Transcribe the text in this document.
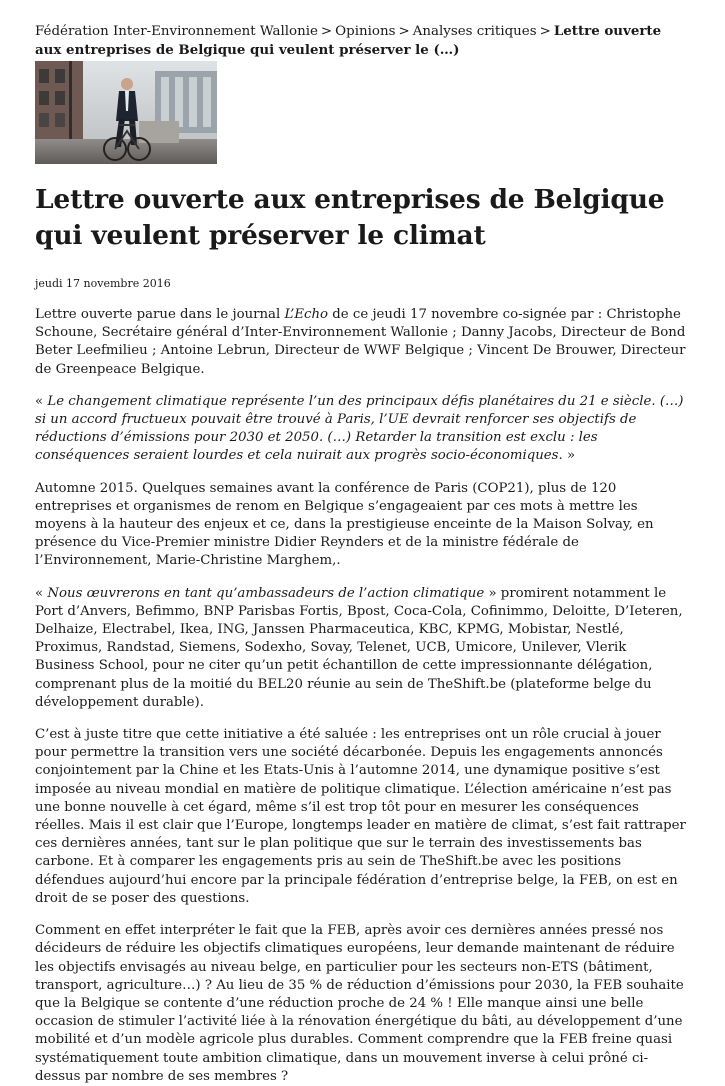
Fédération Inter-Environnement Wallonie > Opinions > Analyses critiques > Lettre ouverte aux entreprises de Belgique qui veulent préserver le (…)
Lettre ouverte aux entreprises de Belgique qui veulent préserver le climat

jeudi 17 novembre 2016

Lettre ouverte parue dans le journal L’Echo de ce jeudi 17 novembre co-signée par : Christophe Schoune, Secrétaire général d’Inter-Environnement Wallonie ; Danny Jacobs, Directeur de Bond Beter Leefmilieu ; Antoine Lebrun, Directeur de WWF Belgique ; Vincent De Brouwer, Directeur de Greenpeace Belgique.

« Le changement climatique représente l’un des principaux défis planétaires du 21 e siècle. (…) si un accord fructueux pouvait être trouvé à Paris, l’UE devrait renforcer ses objectifs de réductions d’émissions pour 2030 et 2050. (…) Retarder la transition est exclu : les conséquences seraient lourdes et cela nuirait aux progrès socio-économiques. »

Automne 2015. Quelques semaines avant la conférence de Paris (COP21), plus de 120 entreprises et organismes de renom en Belgique s’engageaient par ces mots à mettre les moyens à la hauteur des enjeux et ce, dans la prestigieuse enceinte de la Maison Solvay, en présence du Vice-Premier ministre Didier Reynders et de la ministre fédérale de l’Environnement, Marie-Christine Marghem,.

« Nous œuvrerons en tant qu’ambassadeurs de l’action climatique » promirent notamment le Port d’Anvers, Befimmo, BNP Parisbas Fortis, Bpost, Coca-Cola, Cofinimmo, Deloitte, D’Ieteren, Delhaize, Electrabel, Ikea, ING, Janssen Pharmaceutica, KBC, KPMG, Mobistar, Nestlé, Proximus, Randstad, Siemens, Sodexho, Sovay, Telenet, UCB, Umicore, Unilever, Vlerik Business School, pour ne citer qu’un petit échantillon de cette impressionnante délégation, comprenant plus de la moitié du BEL20 réunie au sein de TheShift.be (plateforme belge du développement durable).

C’est à juste titre que cette initiative a été saluée : les entreprises ont un rôle crucial à jouer pour permettre la transition vers une société décarbonée. Depuis les engagements annoncés conjointement par la Chine et les Etats-Unis à l’automne 2014, une dynamique positive s’est imposée au niveau mondial en matière de politique climatique. L’élection américaine n’est pas une bonne nouvelle à cet égard, même s’il est trop tôt pour en mesurer les conséquences réelles. Mais il est clair que l’Europe, longtemps leader en matière de climat, s’est fait rattraper ces dernières années, tant sur le plan politique que sur le terrain des investissements bas carbone. Et à comparer les engagements pris au sein de TheShift.be avec les positions défendues aujourd’hui encore par la principale fédération d’entreprise belge, la FEB, on est en droit de se poser des questions.

Comment en effet interpréter le fait que la FEB, après avoir ces dernières années pressé nos décideurs de réduire les objectifs climatiques européens, leur demande maintenant de réduire les objectifs envisagés au niveau belge, en particulier pour les secteurs non-ETS (bâtiment, transport, agriculture…) ? Au lieu de 35 % de réduction d’émissions pour 2030, la FEB souhaite que la Belgique se contente d’une réduction proche de 24 % ! Elle manque ainsi une belle occasion de stimuler l’activité liée à la rénovation énergétique du bâti, au développement d’une mobilité et d’un modèle agricole plus durables. Comment comprendre que la FEB freine quasi systématiquement toute ambition climatique, dans un mouvement inverse à celui prôné ci-dessus par nombre de ses membres ?
